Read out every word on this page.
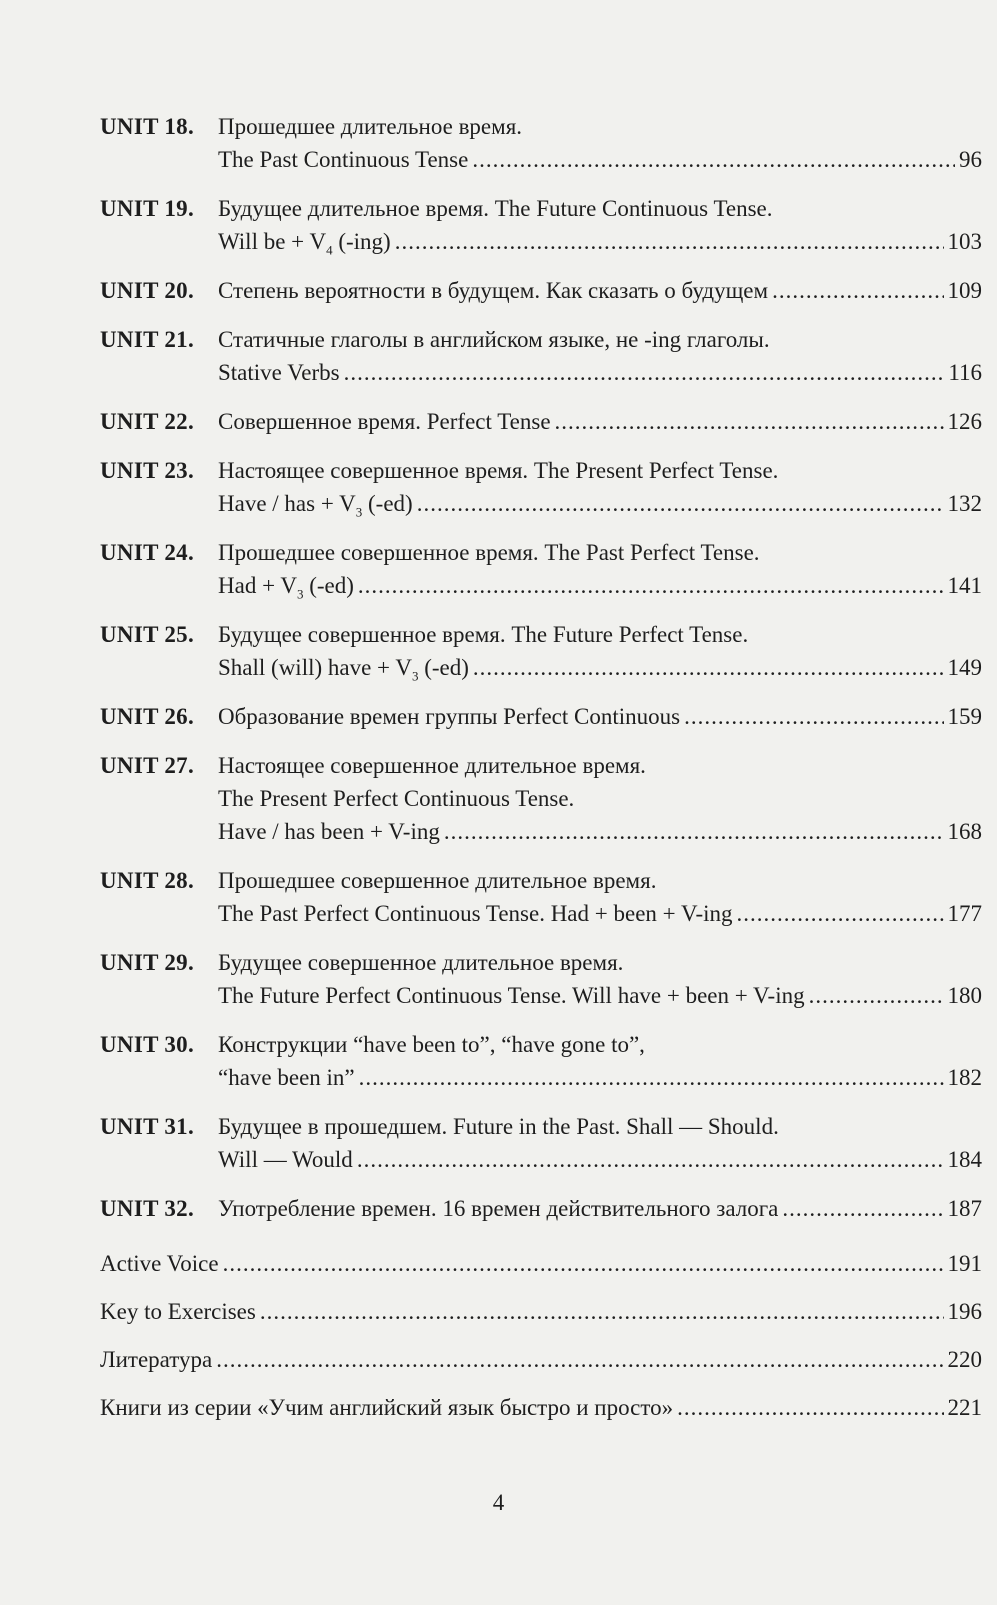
UNIT 18.	Прошедшее длительное время.
The Past Continuous Tense .....	96
UNIT 19.	Будущее длительное время. The Future Continuous Tense.
Will be + $V_4$ (-ing) .....	103
UNIT 20.	Степень вероятности в будущем. Как сказать о будущем .....	109
UNIT 21.	Статичные глаголы в английском языке, не -ing глаголы.
Stative Verbs .....	116
UNIT 22.	Совершенное время. Perfect Tense .....	126
UNIT 23.	Настоящее совершенное время. The Present Perfect Tense.
Have / has + $V_3$ (-ed) .....	132
UNIT 24.	Прошедшее совершенное время. The Past Perfect Tense.
Had + $V_3$ (-ed) .....	141
UNIT 25.	Будущее совершенное время. The Future Perfect Tense.
Shall (will) have + $V_3$ (-ed) .....	149
UNIT 26.	Образование времен группы Perfect Continuous .....	159
UNIT 27.	Настоящее совершенное длительное время.
The Present Perfect Continuous Tense.
Have / has been + V-ing .....	168
UNIT 28.	Прошедшее совершенное длительное время.
The Past Perfect Continuous Tense. Had + been + V-ing .....	177
UNIT 29.	Будущее совершенное длительное время.
The Future Perfect Continuous Tense. Will have + been + V-ing .....	180
UNIT 30.	Конструкции “have been to”, “have gone to”,
“have been in” .....	182
UNIT 31.	Будущее в прошедшем. Future in the Past. Shall — Should.
Will — Would .....	184
UNIT 32.	Употребление времен. 16 времен действительного залога .....	187
Active Voice .....	191
Key to Exercises .....	196
Литература .....	220
Книги из серии «Учим английский язык быстро и просто» .....	221
4
